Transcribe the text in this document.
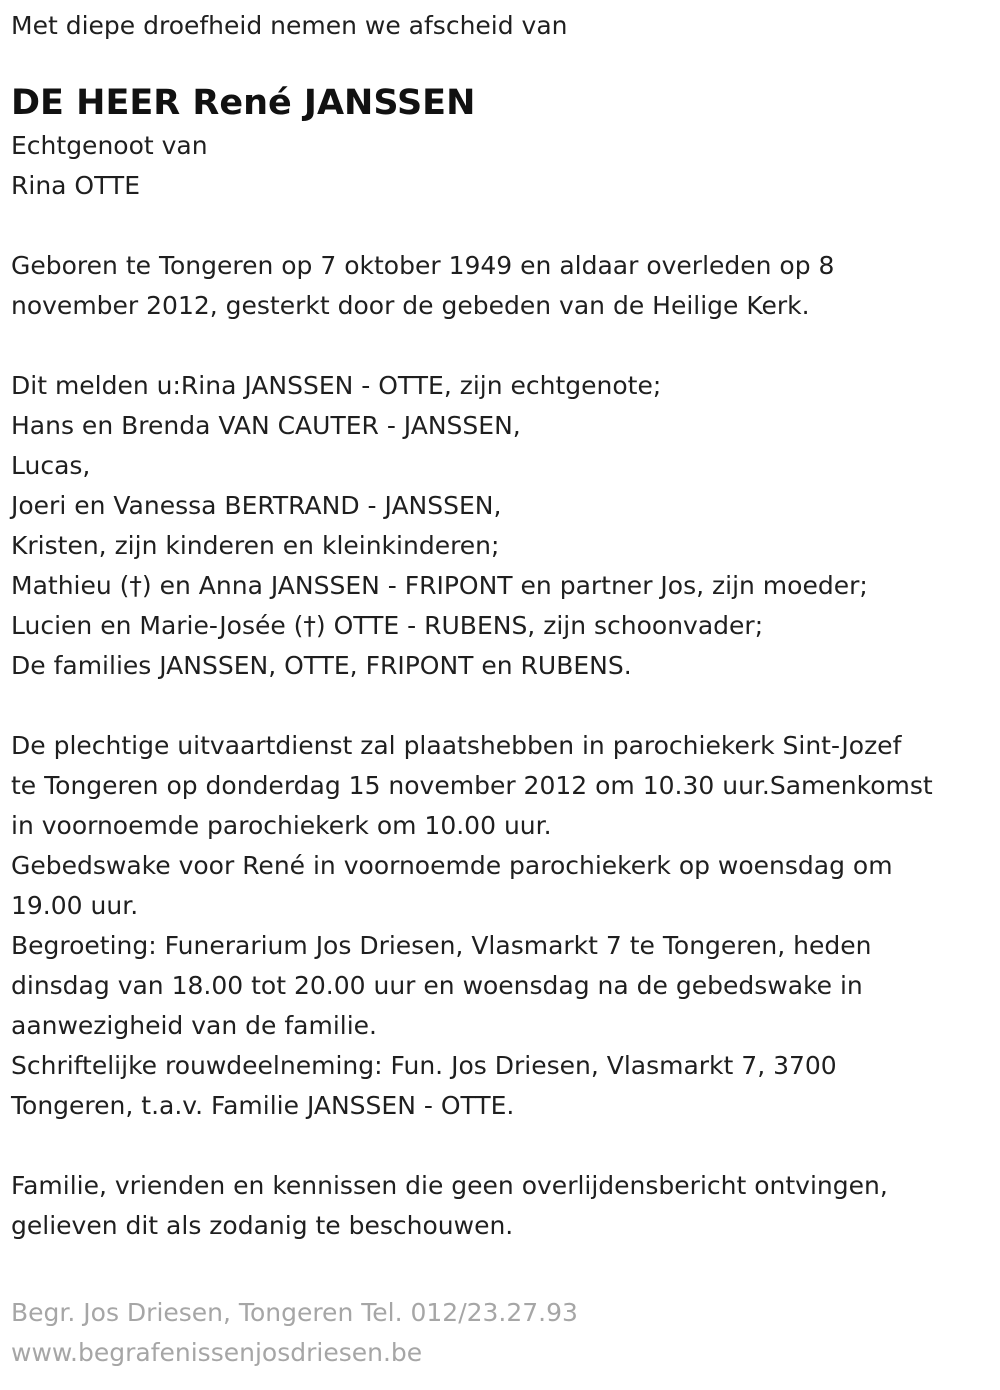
Met diepe droefheid nemen we afscheid van
DE HEER René JANSSEN
Echtgenoot van
Rina OTTE
Geboren te Tongeren op 7 oktober 1949 en aldaar overleden op 8
november 2012, gesterkt door de gebeden van de Heilige Kerk.
Dit melden u:Rina JANSSEN - OTTE, zijn echtgenote;
Hans en Brenda VAN CAUTER - JANSSEN,
Lucas,
Joeri en Vanessa BERTRAND - JANSSEN,
Kristen, zijn kinderen en kleinkinderen;
Mathieu (†) en Anna JANSSEN - FRIPONT en partner Jos, zijn moeder;
Lucien en Marie-Josée (†) OTTE - RUBENS, zijn schoonvader;
De families JANSSEN, OTTE, FRIPONT en RUBENS.
De plechtige uitvaartdienst zal plaatshebben in parochiekerk Sint-Jozef
te Tongeren op donderdag 15 november 2012 om 10.30 uur.Samenkomst
in voornoemde parochiekerk om 10.00 uur.
Gebedswake voor René in voornoemde parochiekerk op woensdag om
19.00 uur.
Begroeting: Funerarium Jos Driesen, Vlasmarkt 7 te Tongeren, heden
dinsdag van 18.00 tot 20.00 uur en woensdag na de gebedswake in
aanwezigheid van de familie.
Schriftelijke rouwdeelneming: Fun. Jos Driesen, Vlasmarkt 7, 3700
Tongeren, t.a.v. Familie JANSSEN - OTTE.
Familie, vrienden en kennissen die geen overlijdensbericht ontvingen,
gelieven dit als zodanig te beschouwen.
Begr. Jos Driesen, Tongeren Tel. 012/23.27.93
www.begrafenissenjosdriesen.be
